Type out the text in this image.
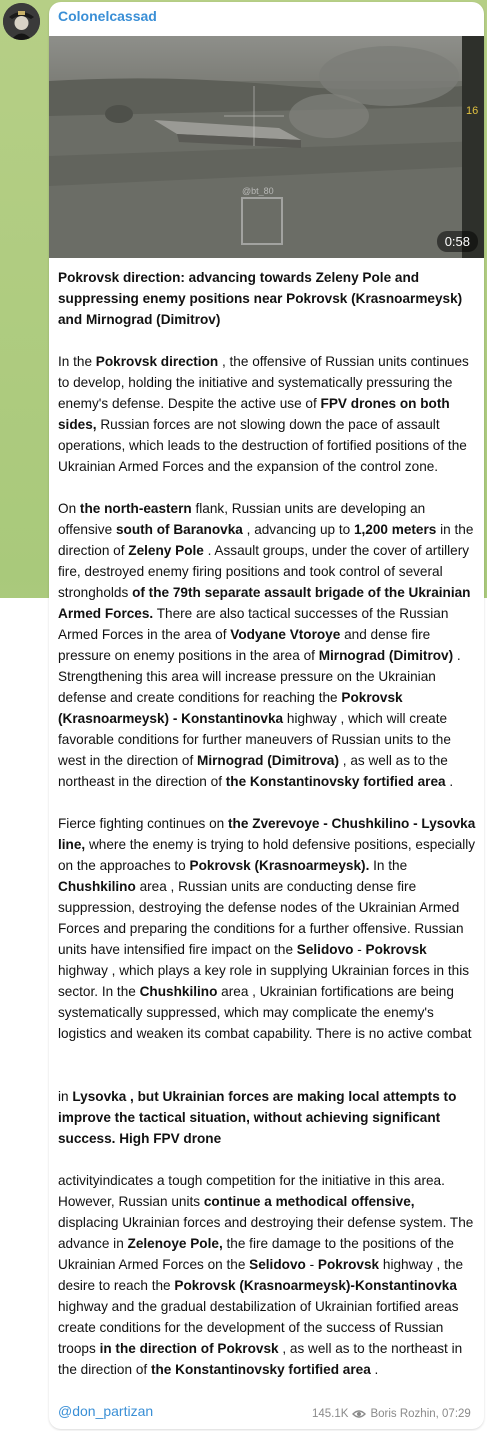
Colonelcassad
16
@bt_80
0:58
Pokrovsk direction: advancing towards Zeleny Pole and suppressing enemy positions near Pokrovsk (Krasnoarmeysk) and Mirnograd (Dimitrov)
In the Pokrovsk direction , the offensive of Russian units continues to develop, holding the initiative and systematically pressuring the enemy's defense. Despite the active use of FPV drones on both sides, Russian forces are not slowing down the pace of assault operations, which leads to the destruction of fortified positions of the Ukrainian Armed Forces and the expansion of the control zone.
On the north-eastern flank, Russian units are developing an offensive south of Baranovka , advancing up to 1,200 meters in the direction of Zeleny Pole . Assault groups, under the cover of artillery fire, destroyed enemy firing positions and took control of several strongholds of the 79th separate assault brigade of the Ukrainian Armed Forces. There are also tactical successes of the Russian Armed Forces in the area of Vodyane Vtoroye and dense fire pressure on enemy positions in the area of Mirnograd (Dimitrov) . Strengthening this area will increase pressure on the Ukrainian defense and create conditions for reaching the Pokrovsk (Krasnoarmeysk) - Konstantinovka highway , which will create favorable conditions for further maneuvers of Russian units to the west in the direction of Mirnograd (Dimitrova) , as well as to the northeast in the direction of the Konstantinovsky fortified area .
Fierce fighting continues on the Zverevoye - Chushkilino - Lysovka line, where the enemy is trying to hold defensive positions, especially on the approaches to Pokrovsk (Krasnoarmeysk). In the Chushkilino area , Russian units are conducting dense fire suppression, destroying the defense nodes of the Ukrainian Armed Forces and preparing the conditions for a further offensive. Russian units have intensified fire impact on the Selidovo - Pokrovsk highway , which plays a key role in supplying Ukrainian forces in this sector. In the Chushkilino area , Ukrainian fortifications are being systematically suppressed, which may complicate the enemy's logistics and weaken its combat capability. There is no active combat
in Lysovka , but Ukrainian forces are making local attempts to improve the tactical situation, without achieving significant success. High FPV drone
activityindicates a tough competition for the initiative in this area. However, Russian units continue a methodical offensive, displacing Ukrainian forces and destroying their defense system. The advance in Zelenoye Pole, the fire damage to the positions of the Ukrainian Armed Forces on the Selidovo - Pokrovsk highway , the desire to reach the Pokrovsk (Krasnoarmeysk)-Konstantinovka highway and the gradual destabilization of Ukrainian fortified areas create conditions for the development of the success of Russian troops in the direction of Pokrovsk , as well as to the northeast in the direction of the Konstantinovsky fortified area .
@don_partizan	145.1K Boris Rozhin, 07:29
